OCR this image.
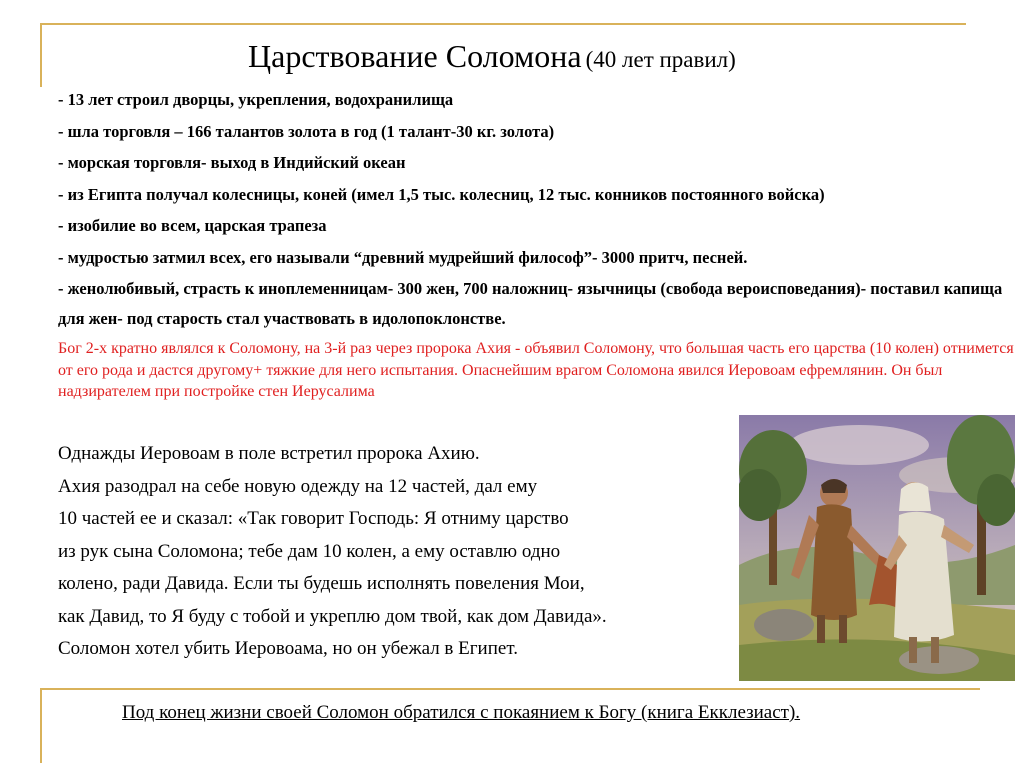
Царствование Соломона (40 лет правил)
- 13 лет строил дворцы, укрепления, водохранилища
- шла торговля – 166 талантов золота в год (1 талант-30 кг. золота)
- морская торговля- выход в Индийский океан
- из Египта получал колесницы, коней (имел 1,5 тыс. колесниц, 12 тыс. конников постоянного войска)
- изобилие во всем, царская трапеза
- мудростью затмил всех, его называли “древний мудрейший философ”- 3000 притч, песней.
- женолюбивый, страсть к иноплеменницам- 300 жен, 700 наложниц- язычницы (свобода вероисповедания)- поставил капища для жен- под старость стал участвовать в идолопоклонстве.

Бог 2-х кратно являлся к Соломону, на 3-й раз через пророка Ахия - объявил Соломону, что большая часть его царства (10 колен) отнимется от его рода и дастся другому+ тяжкие для него испытания. Опаснейшим врагом Соломона явился Иеровоам ефремлянин. Он был надзирателем при постройке стен Иерусалима

Однажды Иеровоам в поле встретил пророка Ахию.
Ахия разодрал на себе новую одежду на 12 частей, дал ему
10 частей ее и сказал: «Так говорит Господь: Я отниму царство
из рук сына Соломона; тебе дам 10 колен, а ему оставлю одно
колено, ради Давида. Если ты будешь исполнять повеления Мои,
как Давид, то Я буду с тобой и укреплю дом твой, как дом Давида».
Соломон хотел убить Иеровоама, но он убежал в Египет.
Под конец жизни своей Соломон обратился с покаянием к Богу (книга Екклезиаст).
